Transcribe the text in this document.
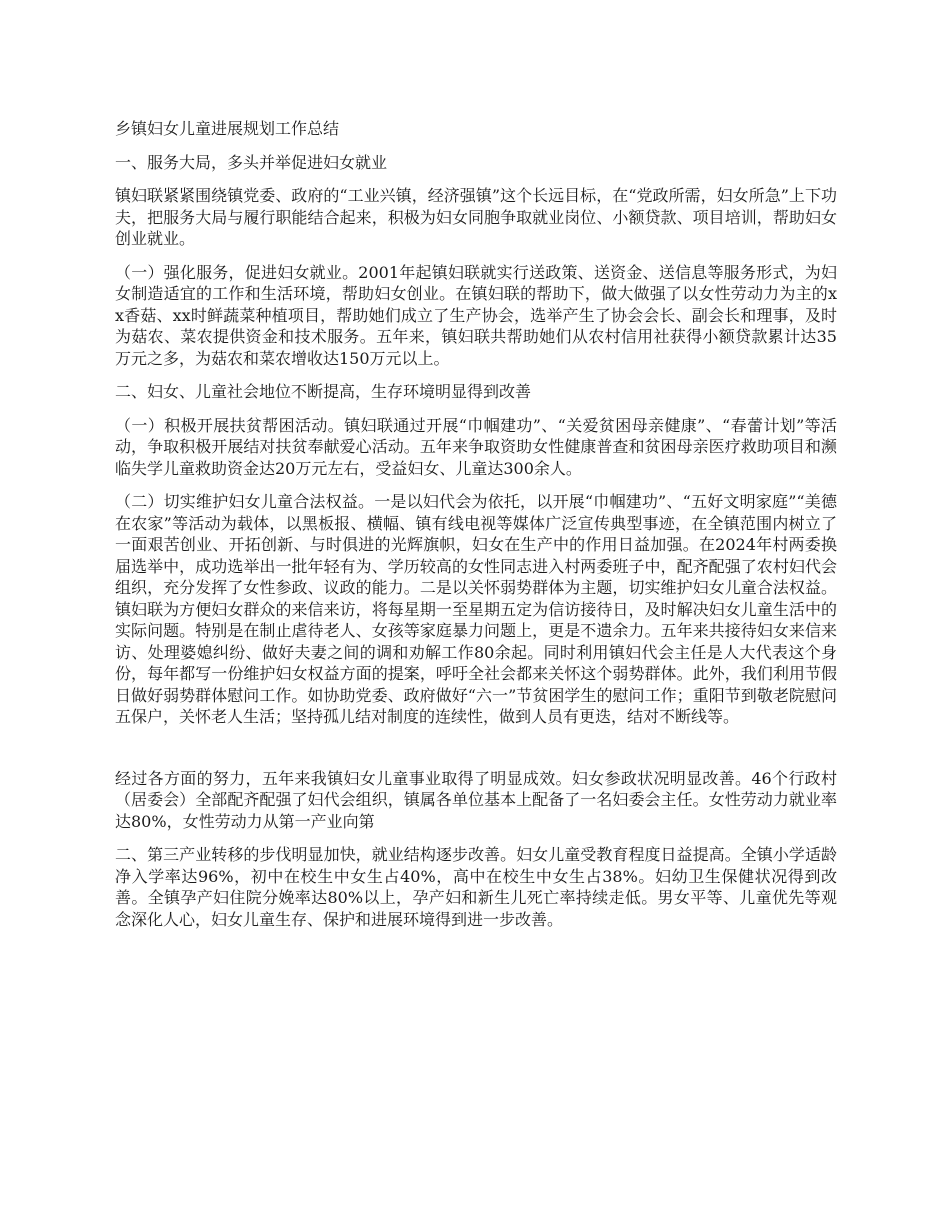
乡镇妇女儿童进展规划工作总结

一、服务大局，多头并举促进妇女就业

镇妇联紧紧围绕镇党委、政府的“工业兴镇，经济强镇”这个长远目标，在“党政所需，妇女所急”上下功夫，把服务大局与履行职能结合起来，积极为妇女同胞争取就业岗位、小额贷款、项目培训，帮助妇女创业就业。

（一）强化服务，促进妇女就业。2001年起镇妇联就实行送政策、送资金、送信息等服务形式，为妇女制造适宜的工作和生活环境，帮助妇女创业。在镇妇联的帮助下，做大做强了以女性劳动力为主的xx香菇、xx时鲜蔬菜种植项目，帮助她们成立了生产协会，选举产生了协会会长、副会长和理事，及时为菇农、菜农提供资金和技术服务。五年来，镇妇联共帮助她们从农村信用社获得小额贷款累计达35万元之多，为菇农和菜农增收达150万元以上。

二、妇女、儿童社会地位不断提高，生存环境明显得到改善

（一）积极开展扶贫帮困活动。镇妇联通过开展“巾帼建功”、“关爱贫困母亲健康”、“春蕾计划”等活动，争取积极开展结对扶贫奉献爱心活动。五年来争取资助女性健康普查和贫困母亲医疗救助项目和濒临失学儿童救助资金达20万元左右，受益妇女、儿童达300余人。

（二）切实维护妇女儿童合法权益。一是以妇代会为依托，以开展“巾帼建功”、“五好文明家庭”“美德在农家”等活动为载体，以黑板报、横幅、镇有线电视等媒体广泛宣传典型事迹，在全镇范围内树立了一面艰苦创业、开拓创新、与时俱进的光辉旗帜，妇女在生产中的作用日益加强。在2024年村两委换届选举中，成功选举出一批年轻有为、学历较高的女性同志进入村两委班子中，配齐配强了农村妇代会组织，充分发挥了女性参政、议政的能力。二是以关怀弱势群体为主题，切实维护妇女儿童合法权益。镇妇联为方便妇女群众的来信来访，将每星期一至星期五定为信访接待日，及时解决妇女儿童生活中的实际问题。特别是在制止虐待老人、女孩等家庭暴力问题上，更是不遗余力。五年来共接待妇女来信来访、处理婆媳纠纷、做好夫妻之间的调和劝解工作80余起。同时利用镇妇代会主任是人大代表这个身份，每年都写一份维护妇女权益方面的提案，呼吁全社会都来关怀这个弱势群体。此外，我们利用节假日做好弱势群体慰问工作。如协助党委、政府做好“六一”节贫困学生的慰问工作；重阳节到敬老院慰问五保户，关怀老人生活；坚持孤儿结对制度的连续性，做到人员有更迭，结对不断线等。

经过各方面的努力，五年来我镇妇女儿童事业取得了明显成效。妇女参政状况明显改善。46个行政村（居委会）全部配齐配强了妇代会组织，镇属各单位基本上配备了一名妇委会主任。女性劳动力就业率达80%，女性劳动力从第一产业向第

二、第三产业转移的步伐明显加快，就业结构逐步改善。妇女儿童受教育程度日益提高。全镇小学适龄净入学率达96%，初中在校生中女生占40%，高中在校生中女生占38%。妇幼卫生保健状况得到改善。全镇孕产妇住院分娩率达80%以上，孕产妇和新生儿死亡率持续走低。男女平等、儿童优先等观念深化人心，妇女儿童生存、保护和进展环境得到进一步改善。
